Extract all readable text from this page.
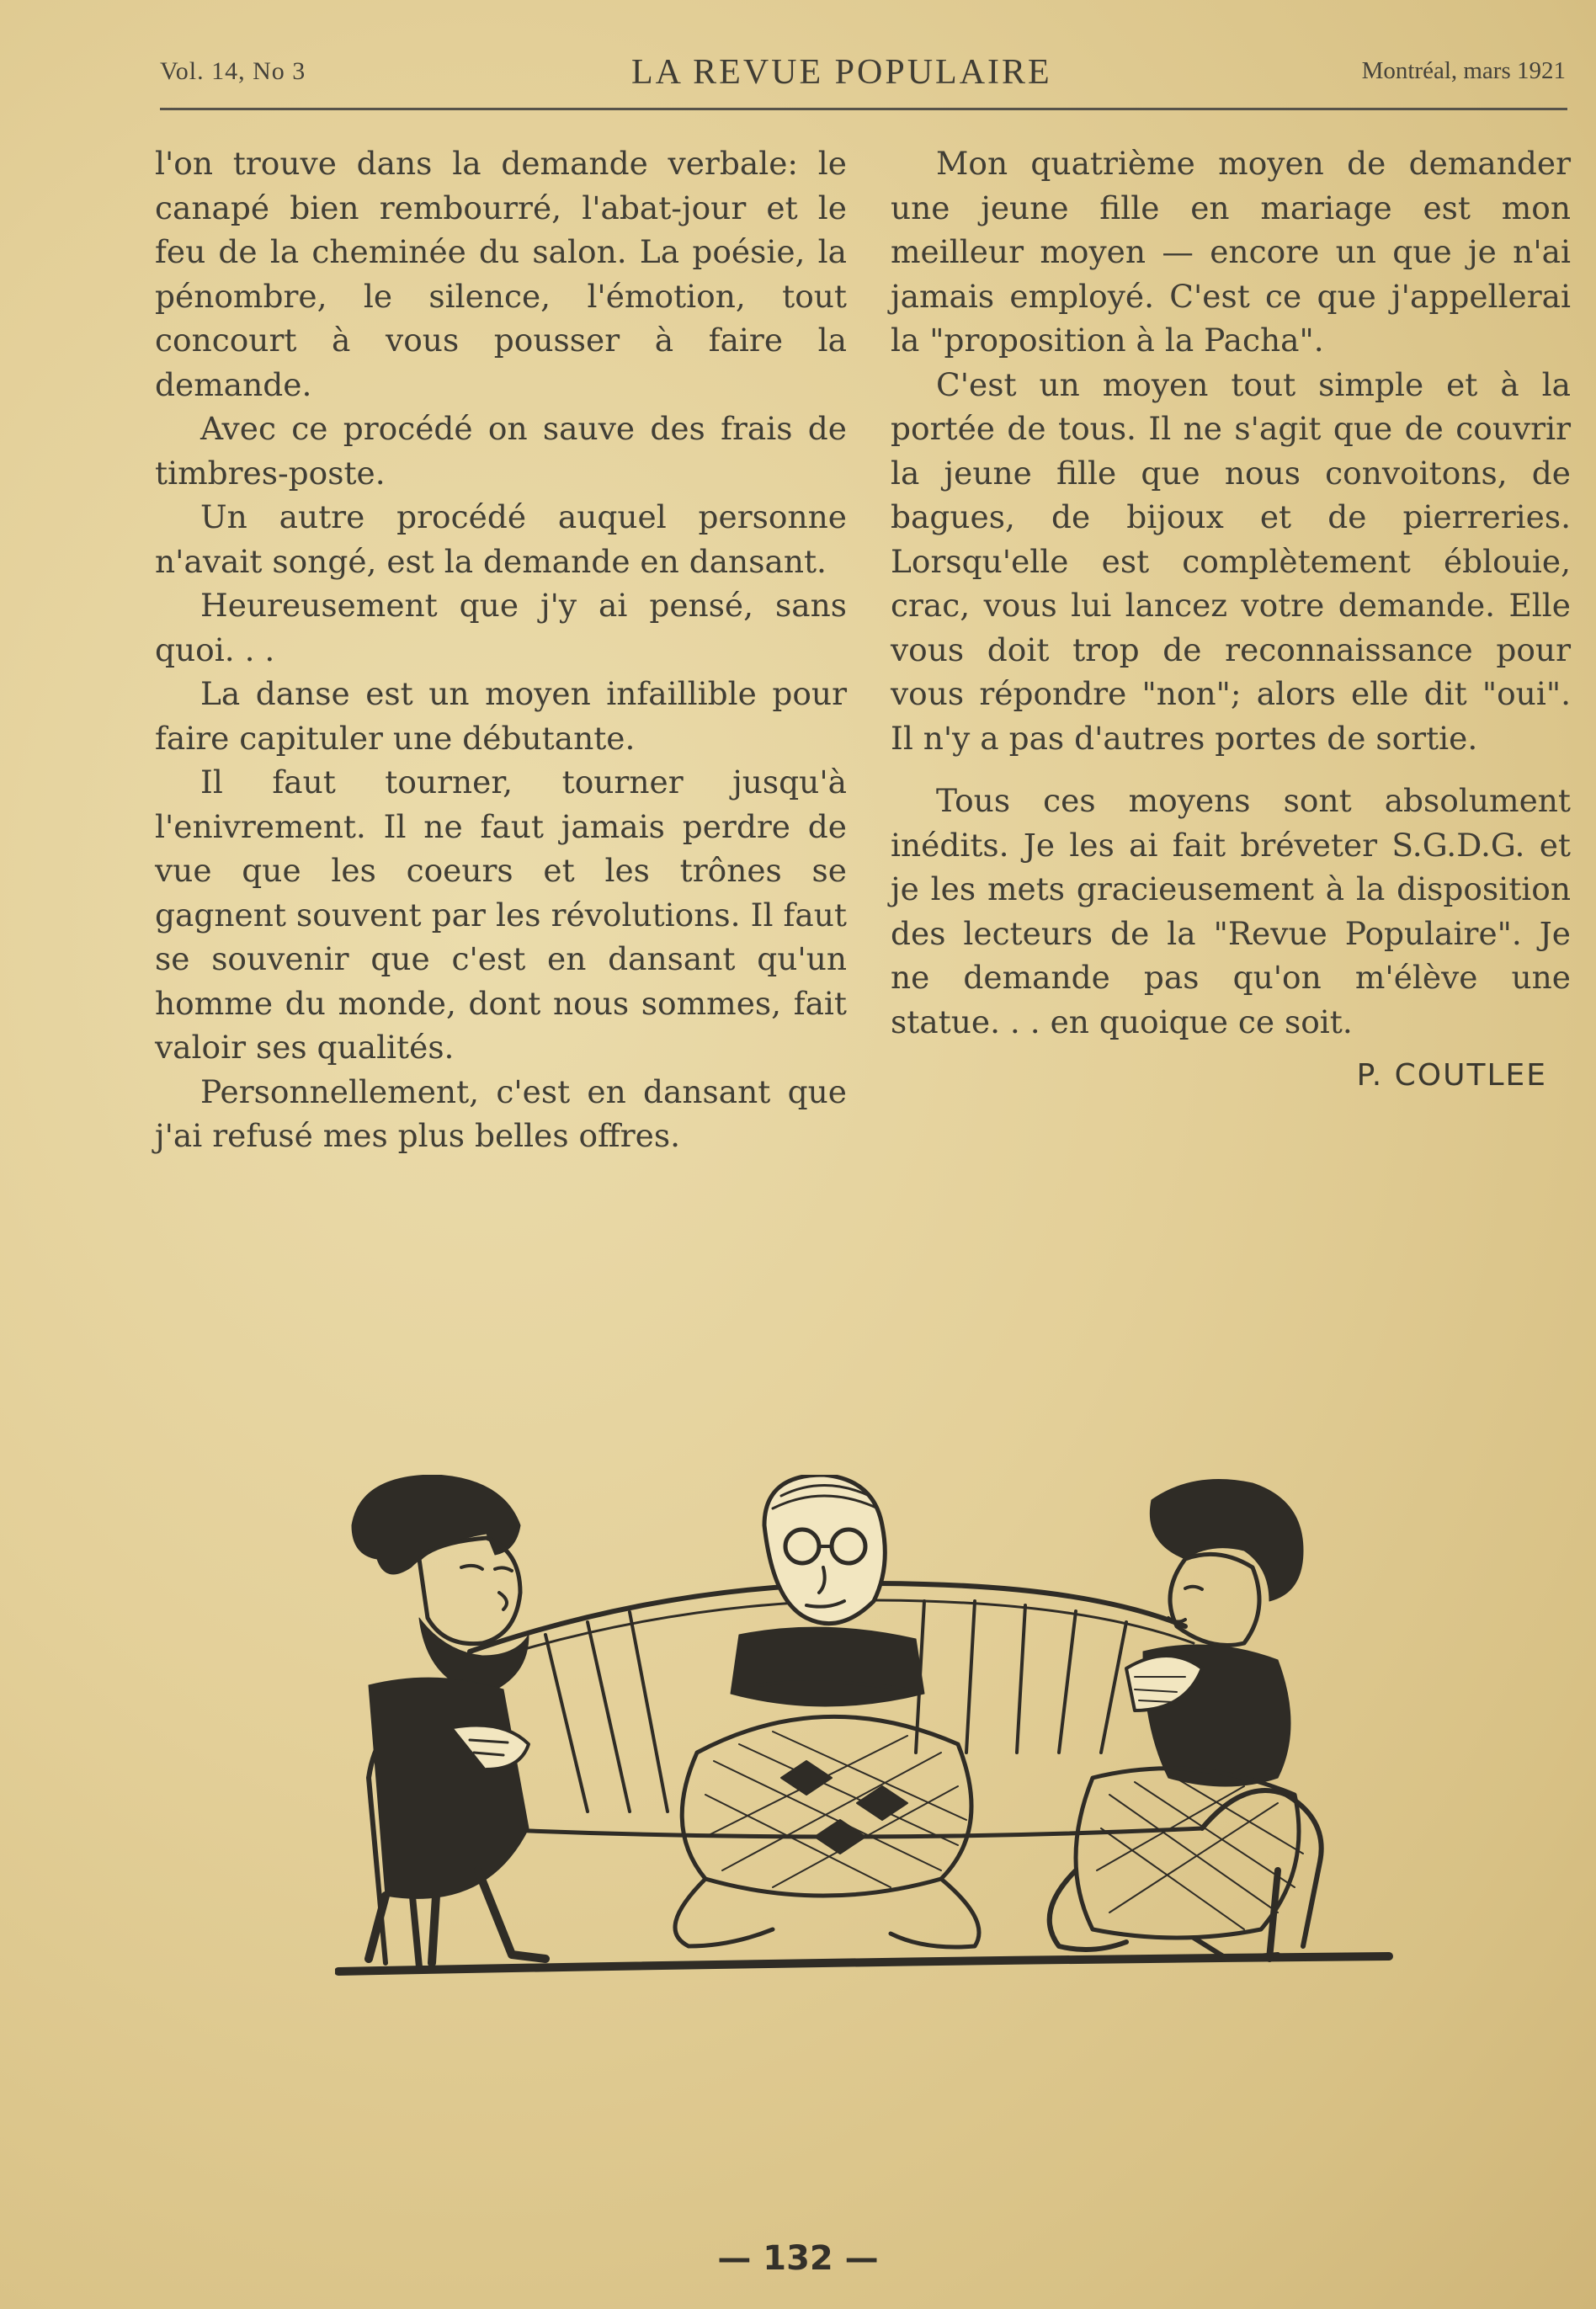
Vol. 14, No 3	LA REVUE POPULAIRE	Montréal, mars 1921

l'on trouve dans la demande verbale: le canapé bien rembourré, l'abat-jour et le feu de la cheminée du salon. La poésie, la pénombre, le silence, l'émotion, tout concourt à vous pousser à faire la demande.

Avec ce procédé on sauve des frais de timbres-poste.

Un autre procédé auquel personne n'avait songé, est la demande en dansant.

Heureusement que j'y ai pensé, sans quoi. . .

La danse est un moyen infaillible pour faire capituler une débutante.

Il faut tourner, tourner jusqu'à l'enivrement. Il ne faut jamais perdre de vue que les coeurs et les trônes se gagnent souvent par les révolutions. Il faut se souvenir que c'est en dansant qu'un homme du monde, dont nous sommes, fait valoir ses qualités.

Personnellement, c'est en dansant que j'ai refusé mes plus belles offres.

Mon quatrième moyen de demander une jeune fille en mariage est mon meilleur moyen — encore un que je n'ai jamais employé. C'est ce que j'appellerai la "proposition à la Pacha".

C'est un moyen tout simple et à la portée de tous. Il ne s'agit que de couvrir la jeune fille que nous convoitons, de bagues, de bijoux et de pierreries. Lorsqu'elle est complètement éblouie, crac, vous lui lancez votre demande. Elle vous doit trop de reconnaissance pour vous répondre "non"; alors elle dit "oui". Il n'y a pas d'autres portes de sortie.

Tous ces moyens sont absolument inédits. Je les ai fait bréveter S.G.D.G. et je les mets gracieusement à la disposition des lecteurs de la "Revue Populaire". Je ne demande pas qu'on m'élève une statue. . . en quoique ce soit.

P. COUTLEE
— 132 —
